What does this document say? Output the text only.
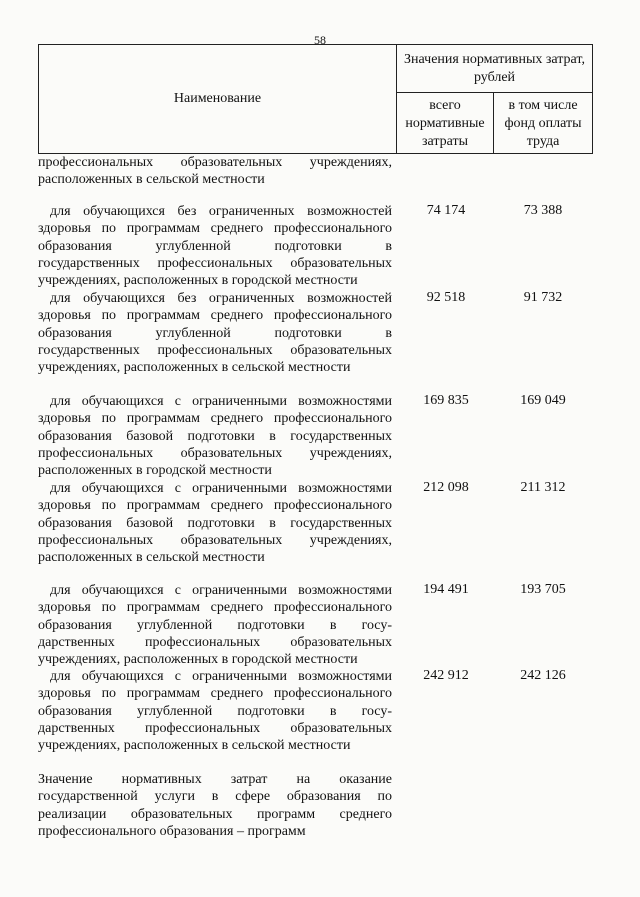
58
Наименование
Значения нормативных затрат, рублей
всего нормативные затраты
в том числе фонд оплаты труда
профессиональных образовательных учреждениях,
расположенных в сельской местности
для обучающихся без ограниченных возможностей
здоровья по программам среднего профессионального
образования углубленной подготовки в
государственных профессиональных образовательных
учреждениях, расположенных в городской местности
74 174	73 388
для обучающихся без ограниченных возможностей
здоровья по программам среднего профессионального
образования углубленной подготовки в
государственных профессиональных образовательных
учреждениях, расположенных в сельской местности
92 518	91 732
для обучающихся с ограниченными возможностями
здоровья по программам среднего профессионального
образования базовой подготовки в государственных
профессиональных образовательных учреждениях,
расположенных в городской местности
169 835	169 049
для обучающихся с ограниченными возможностями
здоровья по программам среднего профессионального
образования базовой подготовки в государственных
профессиональных образовательных учреждениях,
расположенных в сельской местности
212 098	211 312
для обучающихся с ограниченными возможностями
здоровья по программам среднего профессионального
образования углубленной подготовки в госу-
дарственных профессиональных образовательных
учреждениях, расположенных в городской местности
194 491	193 705
для обучающихся с ограниченными возможностями
здоровья по программам среднего профессионального
образования углубленной подготовки в госу-
дарственных профессиональных образовательных
учреждениях, расположенных в сельской местности
242 912	242 126
Значение нормативных затрат на оказание
государственной услуги в сфере образования по
реализации образовательных программ среднего
профессионального образования – программ
